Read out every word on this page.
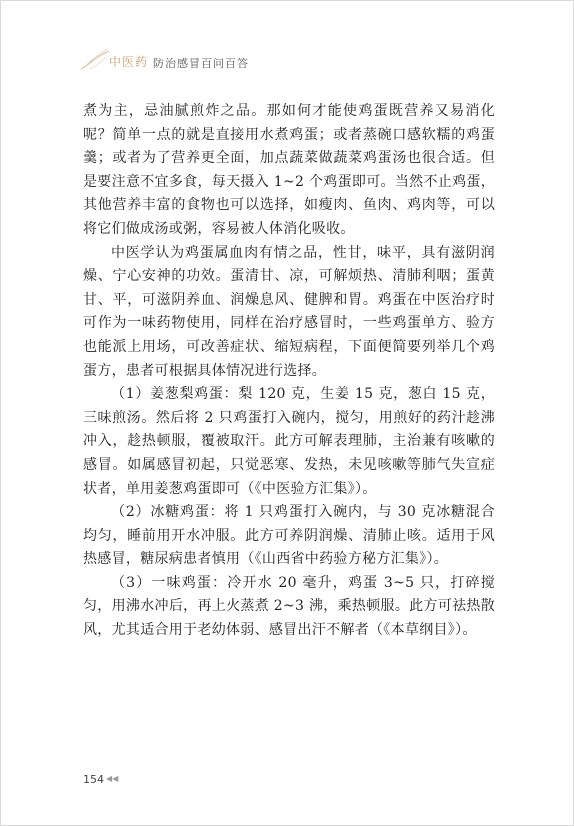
中医药 防治感冒百问百答

煮为主，忌油腻煎炸之品。那如何才能使鸡蛋既营养又易消化呢？简单一点的就是直接用水煮鸡蛋；或者蒸碗口感软糯的鸡蛋羹；或者为了营养更全面，加点蔬菜做蔬菜鸡蛋汤也很合适。但是要注意不宜多食，每天摄入 1~2 个鸡蛋即可。当然不止鸡蛋，其他营养丰富的食物也可以选择，如瘦肉、鱼肉、鸡肉等，可以将它们做成汤或粥，容易被人体消化吸收。

中医学认为鸡蛋属血肉有情之品，性甘，味平，具有滋阴润燥、宁心安神的功效。蛋清甘、凉，可解烦热、清肺利咽；蛋黄甘、平，可滋阴养血、润燥息风、健脾和胃。鸡蛋在中医治疗时可作为一味药物使用，同样在治疗感冒时，一些鸡蛋单方、验方也能派上用场，可改善症状、缩短病程，下面便简要列举几个鸡蛋方，患者可根据具体情况进行选择。

（1）姜葱梨鸡蛋：梨 120 克，生姜 15 克，葱白 15 克，三味煎汤。然后将 2 只鸡蛋打入碗内，搅匀，用煎好的药汁趁沸冲入，趁热顿服，覆被取汗。此方可解表理肺，主治兼有咳嗽的感冒。如属感冒初起，只觉恶寒、发热，未见咳嗽等肺气失宣症状者，单用姜葱鸡蛋即可（《中医验方汇集》）。

（2）冰糖鸡蛋：将 1 只鸡蛋打入碗内，与 30 克冰糖混合均匀，睡前用开水冲服。此方可养阴润燥、清肺止咳。适用于风热感冒，糖尿病患者慎用（《山西省中药验方秘方汇集》）。

（3）一味鸡蛋：冷开水 20 毫升，鸡蛋 3~5 只，打碎搅匀，用沸水冲后，再上火蒸煮 2~3 沸，乘热顿服。此方可祛热散风，尤其适合用于老幼体弱、感冒出汗不解者（《本草纲目》）。

154 ◀◀
